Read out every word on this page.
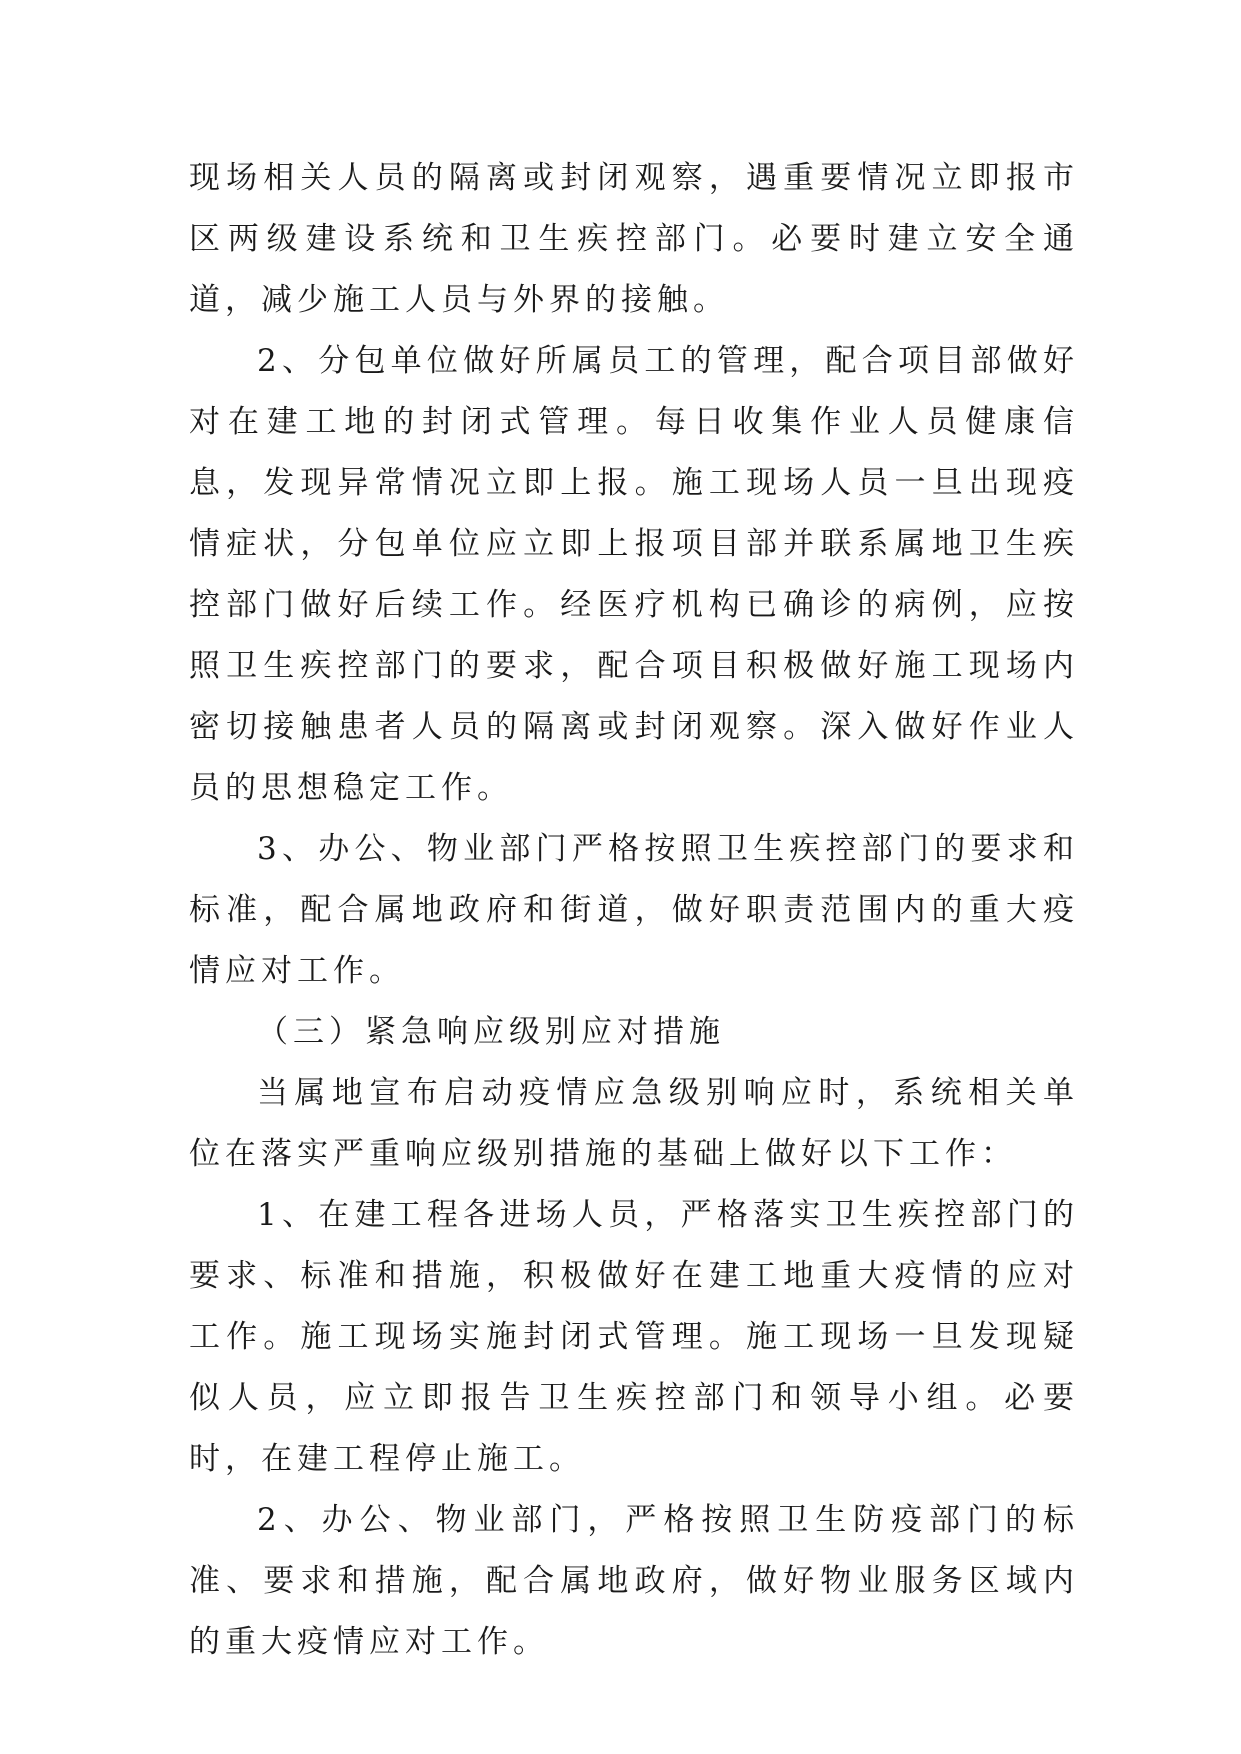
现场相关人员的隔离或封闭观察，遇重要情况立即报市区两级建设系统和卫生疾控部门。必要时建立安全通道，减少施工人员与外界的接触。

2、分包单位做好所属员工的管理，配合项目部做好对在建工地的封闭式管理。每日收集作业人员健康信息，发现异常情况立即上报。施工现场人员一旦出现疫情症状，分包单位应立即上报项目部并联系属地卫生疾控部门做好后续工作。经医疗机构已确诊的病例，应按照卫生疾控部门的要求，配合项目积极做好施工现场内密切接触患者人员的隔离或封闭观察。深入做好作业人员的思想稳定工作。

3、办公、物业部门严格按照卫生疾控部门的要求和标准，配合属地政府和街道，做好职责范围内的重大疫情应对工作。

（三）紧急响应级别应对措施

当属地宣布启动疫情应急级别响应时，系统相关单位在落实严重响应级别措施的基础上做好以下工作：

1、在建工程各进场人员，严格落实卫生疾控部门的要求、标准和措施，积极做好在建工地重大疫情的应对工作。施工现场实施封闭式管理。施工现场一旦发现疑似人员，应立即报告卫生疾控部门和领导小组。必要时，在建工程停止施工。

2、办公、物业部门，严格按照卫生防疫部门的标准、要求和措施，配合属地政府，做好物业服务区域内的重大疫情应对工作。
